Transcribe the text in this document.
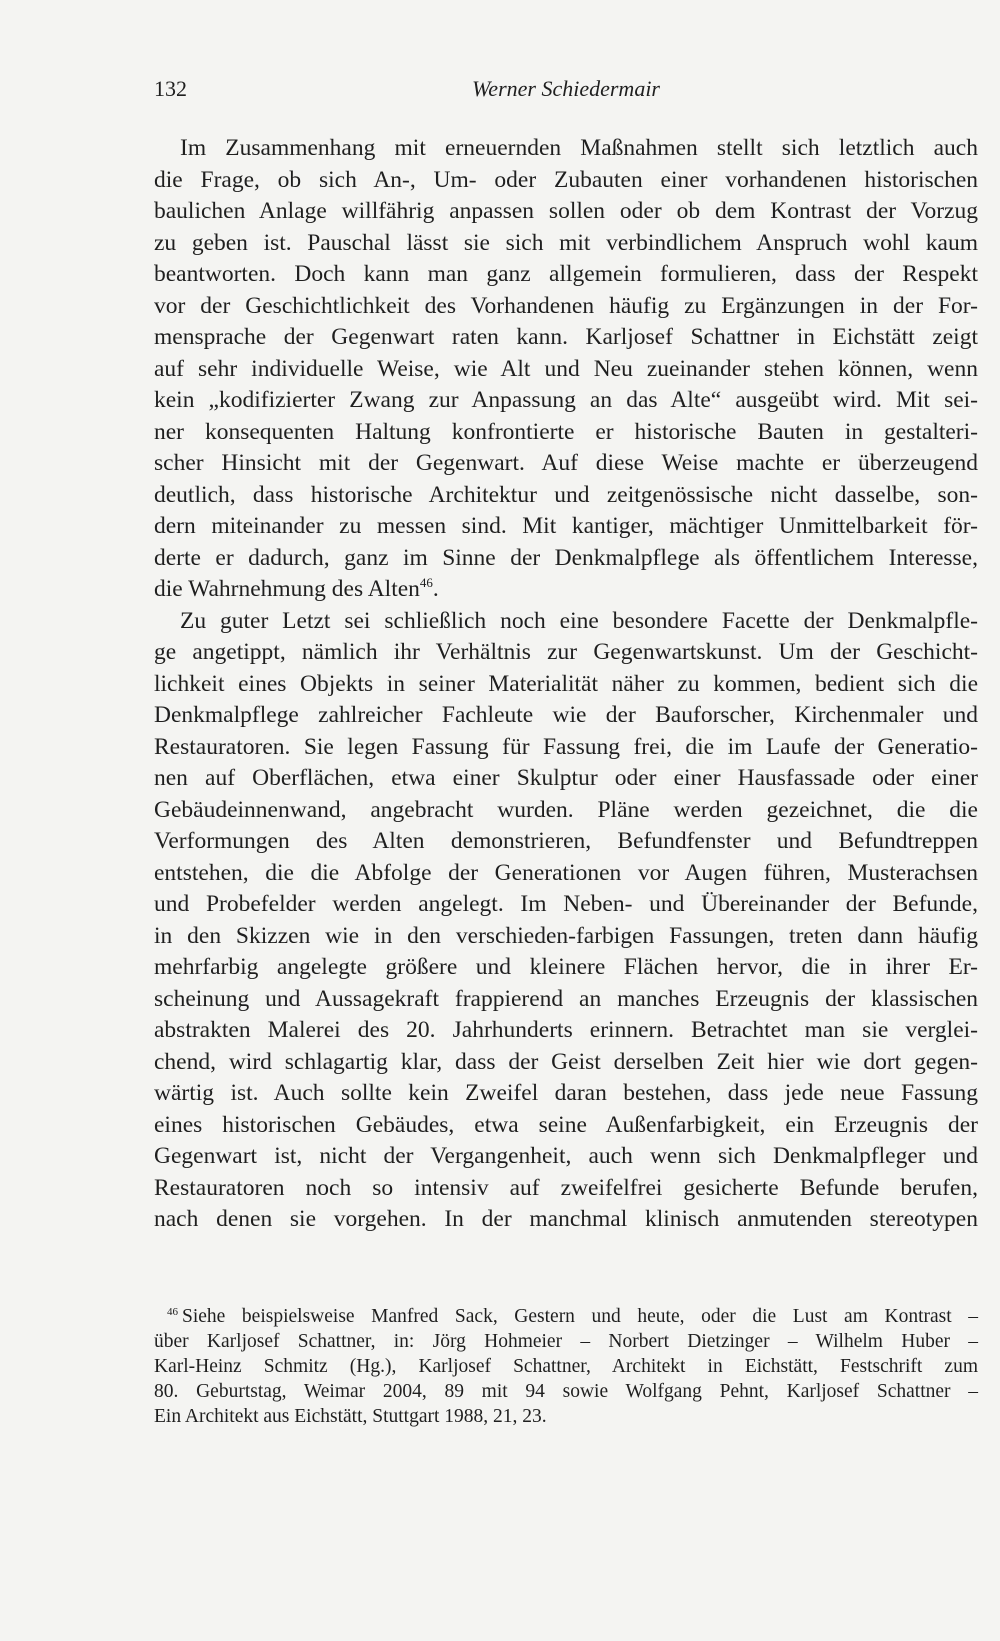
132	Werner Schiedermair
Im Zusammenhang mit erneuernden Maßnahmen stellt sich letztlich auch
die Frage, ob sich An-, Um- oder Zubauten einer vorhandenen historischen
baulichen Anlage willfährig anpassen sollen oder ob dem Kontrast der Vorzug
zu geben ist. Pauschal lässt sie sich mit verbindlichem Anspruch wohl kaum
beantworten. Doch kann man ganz allgemein formulieren, dass der Respekt
vor der Geschichtlichkeit des Vorhandenen häufig zu Ergänzungen in der For-
mensprache der Gegenwart raten kann. Karljosef Schattner in Eichstätt zeigt
auf sehr individuelle Weise, wie Alt und Neu zueinander stehen können, wenn
kein „kodifizierter Zwang zur Anpassung an das Alte“ ausgeübt wird. Mit sei-
ner konsequenten Haltung konfrontierte er historische Bauten in gestalteri-
scher Hinsicht mit der Gegenwart. Auf diese Weise machte er überzeugend
deutlich, dass historische Architektur und zeitgenössische nicht dasselbe, son-
dern miteinander zu messen sind. Mit kantiger, mächtiger Unmittelbarkeit för-
derte er dadurch, ganz im Sinne der Denkmalpflege als öffentlichem Interesse,
die Wahrnehmung des Alten$^{46}$.
Zu guter Letzt sei schließlich noch eine besondere Facette der Denkmalpfle-
ge angetippt, nämlich ihr Verhältnis zur Gegenwartskunst. Um der Geschicht-
lichkeit eines Objekts in seiner Materialität näher zu kommen, bedient sich die
Denkmalpflege zahlreicher Fachleute wie der Bauforscher, Kirchenmaler und
Restauratoren. Sie legen Fassung für Fassung frei, die im Laufe der Generatio-
nen auf Oberflächen, etwa einer Skulptur oder einer Hausfassade oder einer
Gebäudeinnenwand, angebracht wurden. Pläne werden gezeichnet, die die
Verformungen des Alten demonstrieren, Befundfenster und Befundtreppen
entstehen, die die Abfolge der Generationen vor Augen führen, Musterachsen
und Probefelder werden angelegt. Im Neben- und Übereinander der Befunde,
in den Skizzen wie in den verschieden-farbigen Fassungen, treten dann häufig
mehrfarbig angelegte größere und kleinere Flächen hervor, die in ihrer Er-
scheinung und Aussagekraft frappierend an manches Erzeugnis der klassischen
abstrakten Malerei des 20. Jahrhunderts erinnern. Betrachtet man sie verglei-
chend, wird schlagartig klar, dass der Geist derselben Zeit hier wie dort gegen-
wärtig ist. Auch sollte kein Zweifel daran bestehen, dass jede neue Fassung
eines historischen Gebäudes, etwa seine Außenfarbigkeit, ein Erzeugnis der
Gegenwart ist, nicht der Vergangenheit, auch wenn sich Denkmalpfleger und
Restauratoren noch so intensiv auf zweifelfrei gesicherte Befunde berufen,
nach denen sie vorgehen. In der manchmal klinisch anmutenden stereotypen
$^{46}$ Siehe beispielsweise Manfred Sack, Gestern und heute, oder die Lust am Kontrast –
über Karljosef Schattner, in: Jörg Hohmeier – Norbert Dietzinger – Wilhelm Huber –
Karl-Heinz Schmitz (Hg.), Karljosef Schattner, Architekt in Eichstätt, Festschrift zum
80. Geburtstag, Weimar 2004, 89 mit 94 sowie Wolfgang Pehnt, Karljosef Schattner –
Ein Architekt aus Eichstätt, Stuttgart 1988, 21, 23.
